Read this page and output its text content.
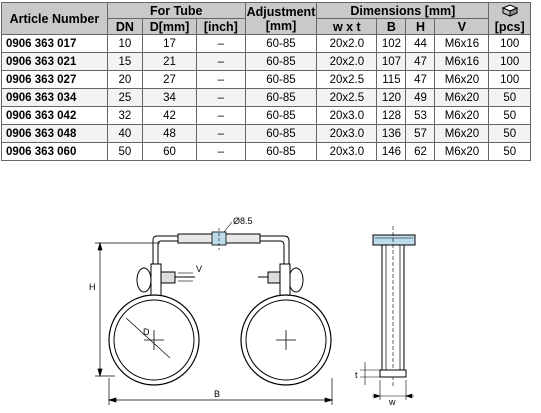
Article Number	For Tube			Adjustment [mm]	Dimensions [mm]				[pcs]

	DN	D[mm]	[inch]		w x t	B	H	V	
0906 363 017	10	17	–	60-85	20x2.0	102	44	M6x16	100
0906 363 021	15	21	–	60-85	20x2.0	107	47	M6x16	100
0906 363 027	20	27	–	60-85	20x2.5	115	47	M6x20	100
0906 363 034	25	34	–	60-85	20x2.5	120	49	M6x20	50
0906 363 042	32	42	–	60-85	20x3.0	128	53	M6x20	50
0906 363 048	40	48	–	60-85	20x3.0	136	57	M6x20	50
0906 363 060	50	60	–	60-85	20x3.0	146	62	M6x20	50
H
B
Ø8.5
D
V
t
w
